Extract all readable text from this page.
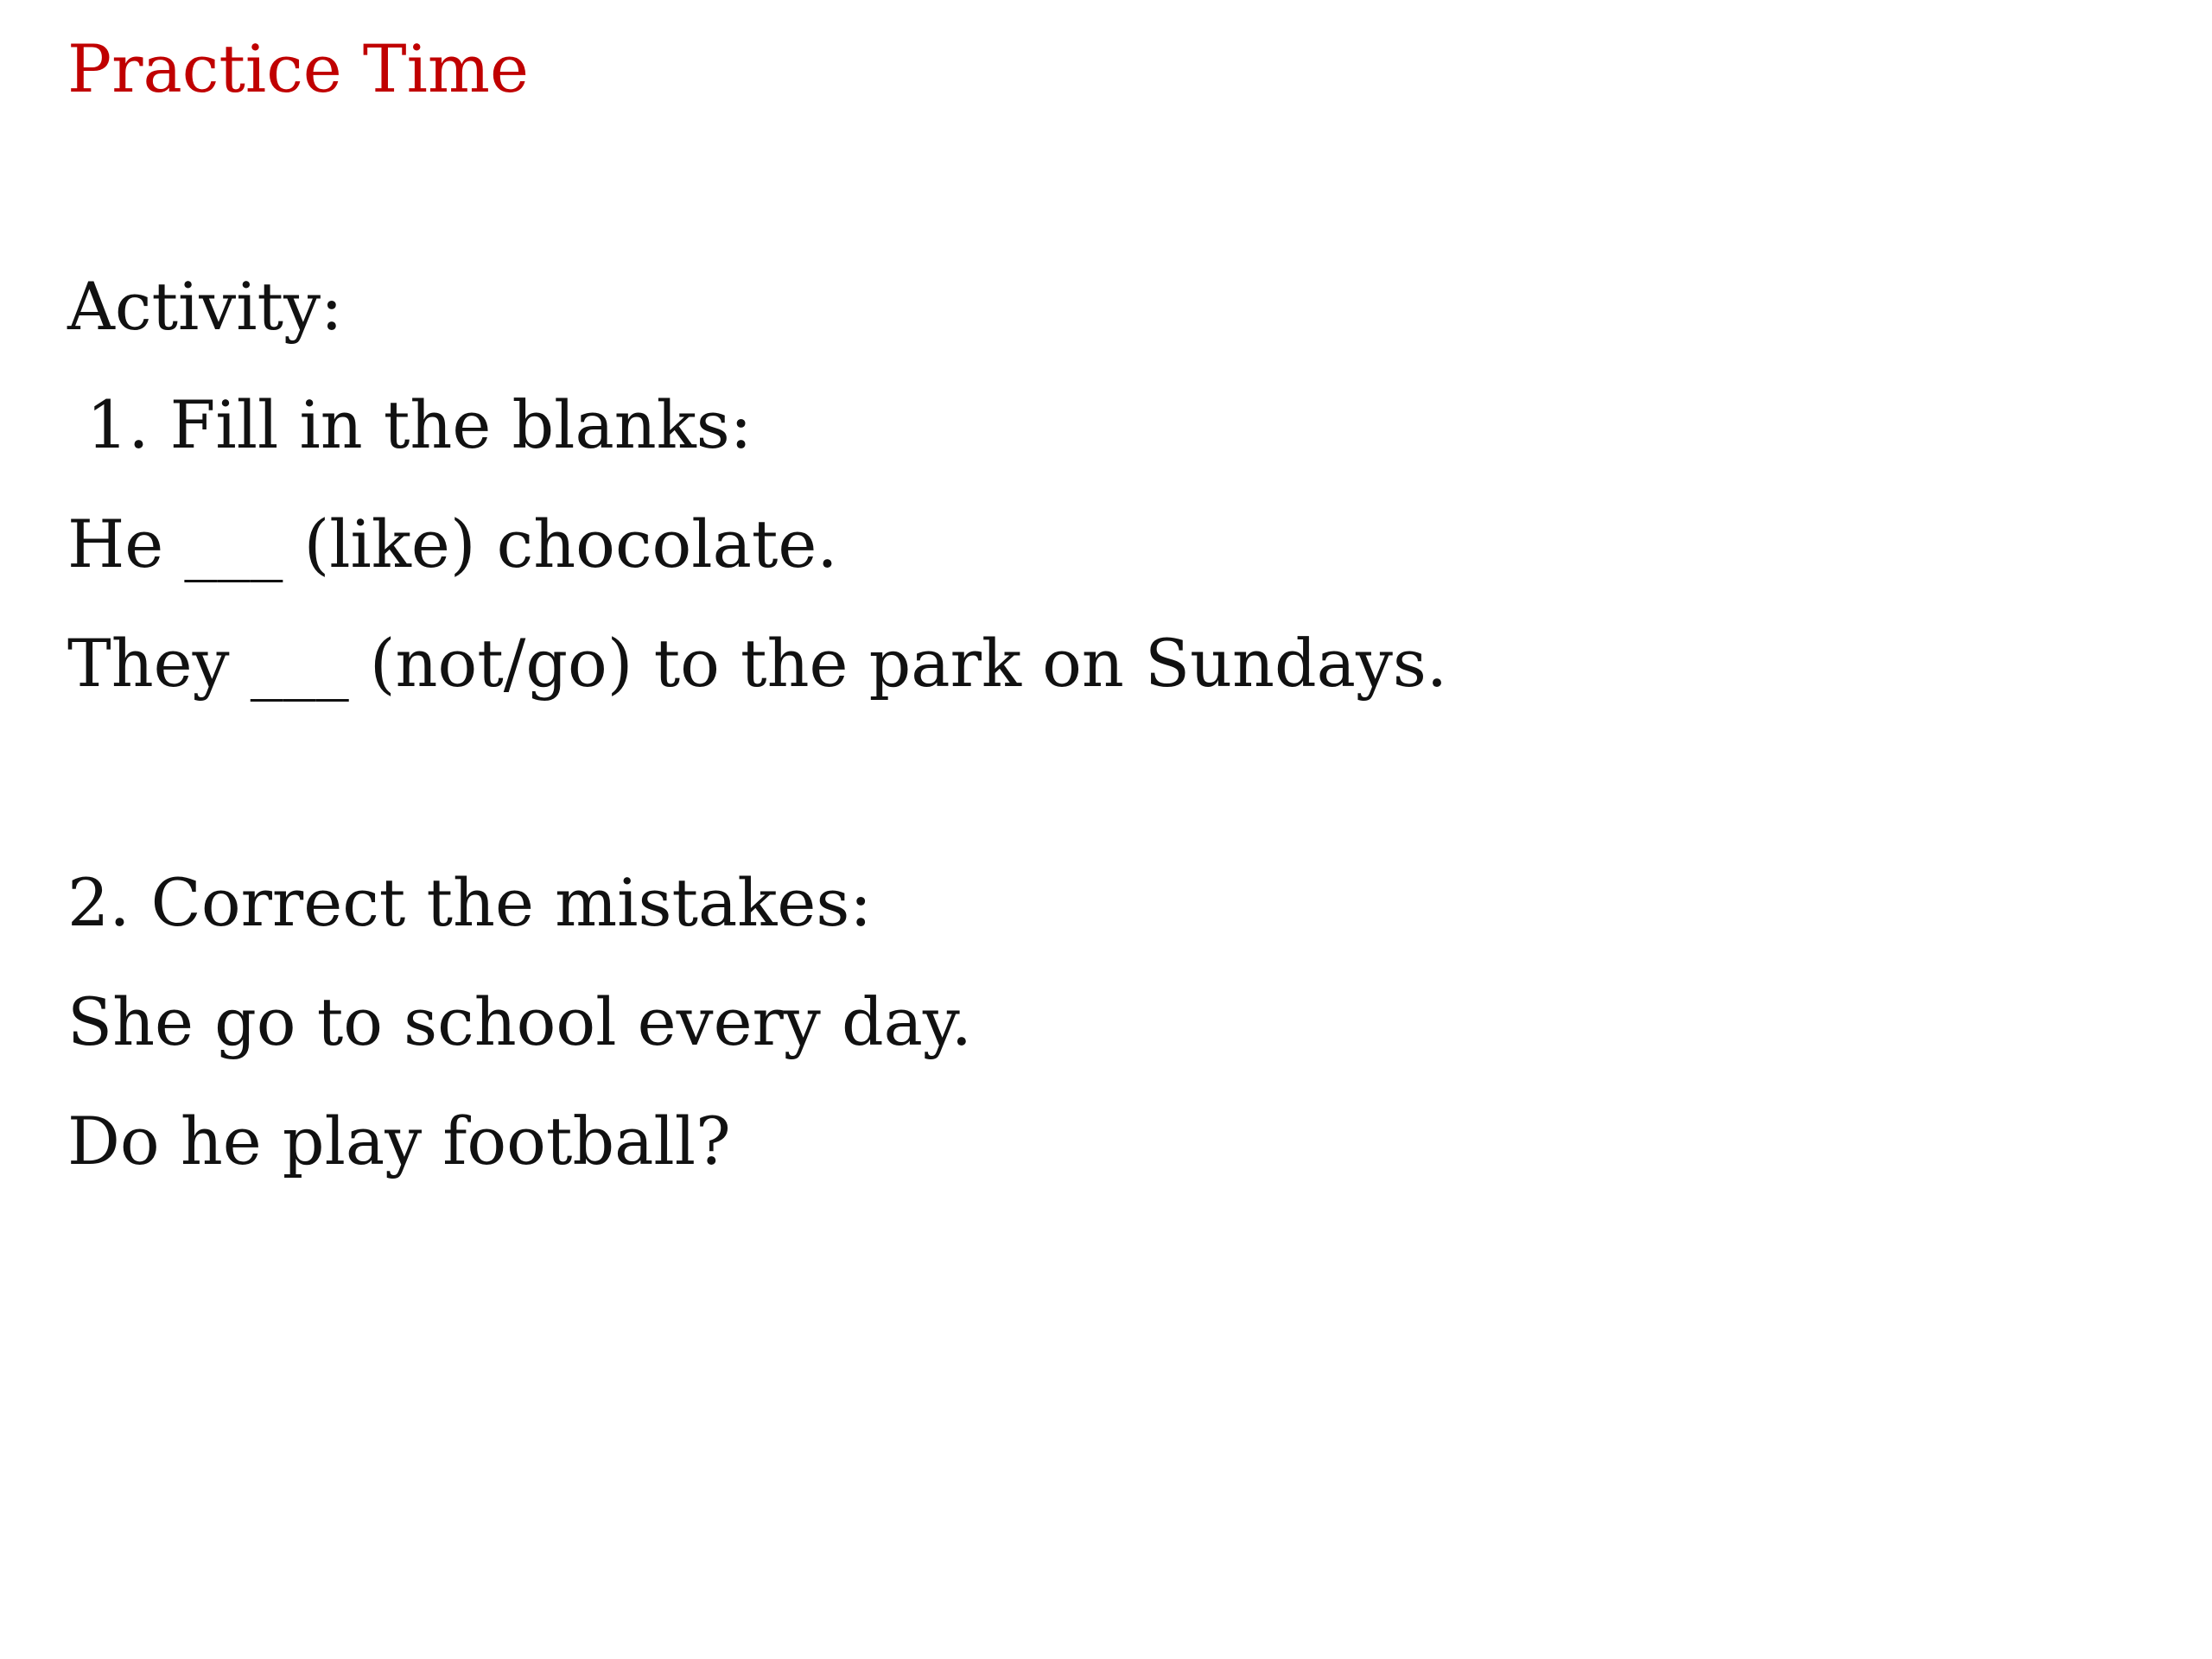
Practice Time
Activity:
1. Fill in the blanks:
He ___ (like) chocolate.
They ___ (not/go) to the park on Sundays.
2. Correct the mistakes:
She go to school every day.
Do he play football?
